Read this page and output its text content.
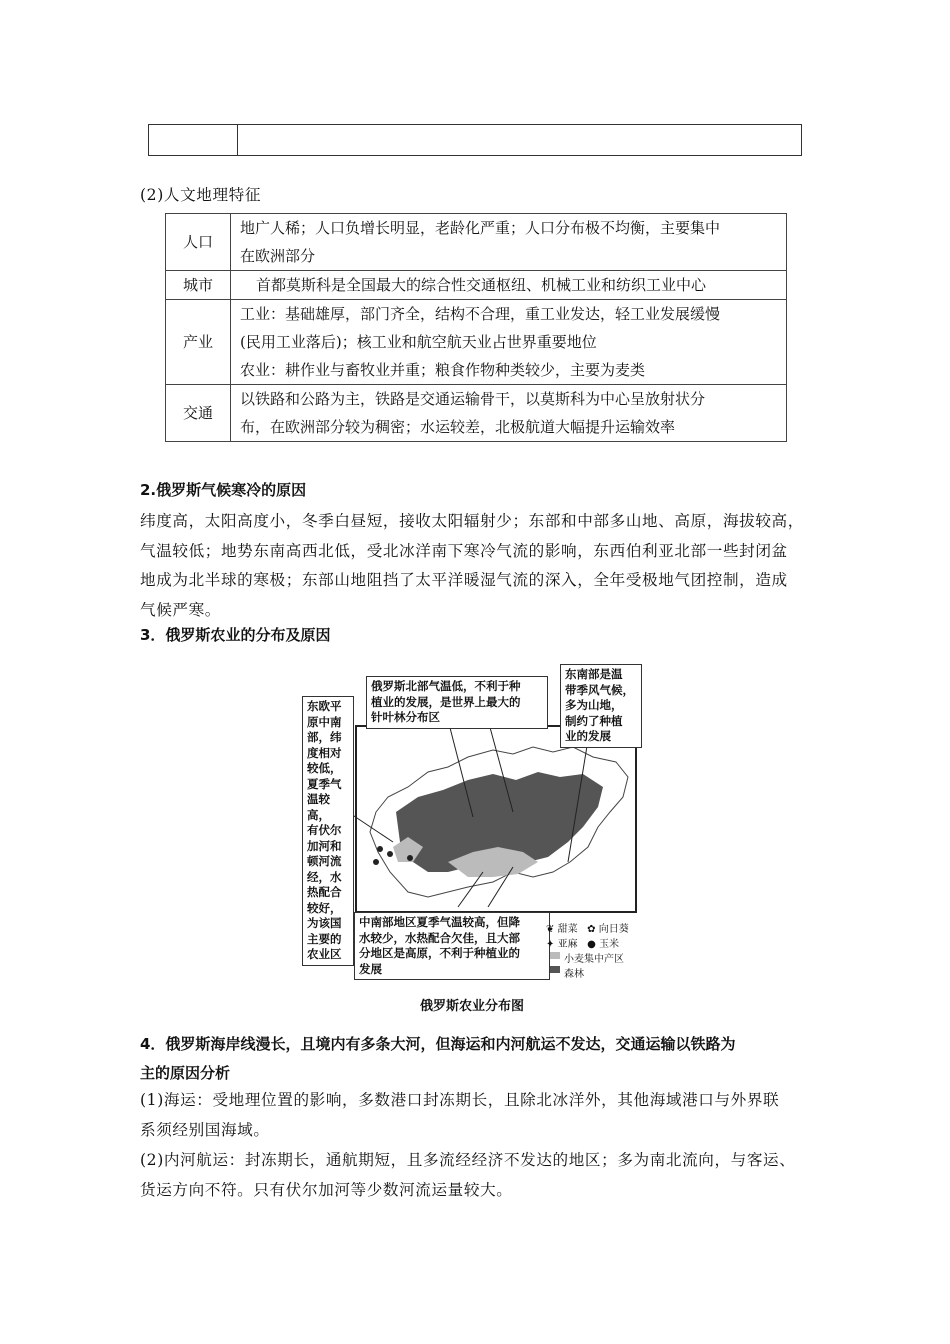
(2)人文地理特征
人口	地广人稀；人口负增长明显，老龄化严重；人口分布极不均衡，主要集中
在欧洲部分

城市	首都莫斯科是全国最大的综合性交通枢纽、机械工业和纺织工业中心

产业	工业：基础雄厚，部门齐全，结构不合理，重工业发达，轻工业发展缓慢
(民用工业落后)；核工业和航空航天业占世界重要地位
农业：耕作业与畜牧业并重；粮食作物种类较少，主要为麦类

交通	以铁路和公路为主，铁路是交通运输骨干，以莫斯科为中心呈放射状分
布，在欧洲部分较为稠密；水运较差，北极航道大幅提升运输效率
2.俄罗斯气候寒冷的原因
纬度高，太阳高度小，冬季白昼短，接收太阳辐射少；东部和中部多山地、高原，海拔较高，
气温较低；地势东南高西北低，受北冰洋南下寒冷气流的影响，东西伯利亚北部一些封闭盆
地成为北半球的寒极；东部山地阻挡了太平洋暖湿气流的深入，全年受极地气团控制，造成
气候严寒。
3．俄罗斯农业的分布及原因
东欧平
原中南
部，纬
度相对
较低，
夏季气
温较高，
有伏尔
加河和
顿河流
经，水
热配合
较好，
为该国
主要的
农业区
俄罗斯北部气温低，不利于种
植业的发展，是世界上最大的
针叶林分布区
东南部是温
带季风气候，
多为山地，
制约了种植
业的发展
中南部地区夏季气温较高，但降
水较少，水热配合欠佳，且大部
分地区是高原，不利于种植业的
发展
❦ 甜菜 ✿ 向日葵
✦ 亚麻 ● 玉米
小麦集中产区
森林
俄罗斯农业分布图
4．俄罗斯海岸线漫长，且境内有多条大河，但海运和内河航运不发达，交通运输以铁路为
主的原因分析
(1)海运：受地理位置的影响，多数港口封冻期长，且除北冰洋外，其他海域港口与外界联
系须经别国海域。
(2)内河航运：封冻期长，通航期短，且多流经经济不发达的地区；多为南北流向，与客运、
货运方向不符。只有伏尔加河等少数河流运量较大。
